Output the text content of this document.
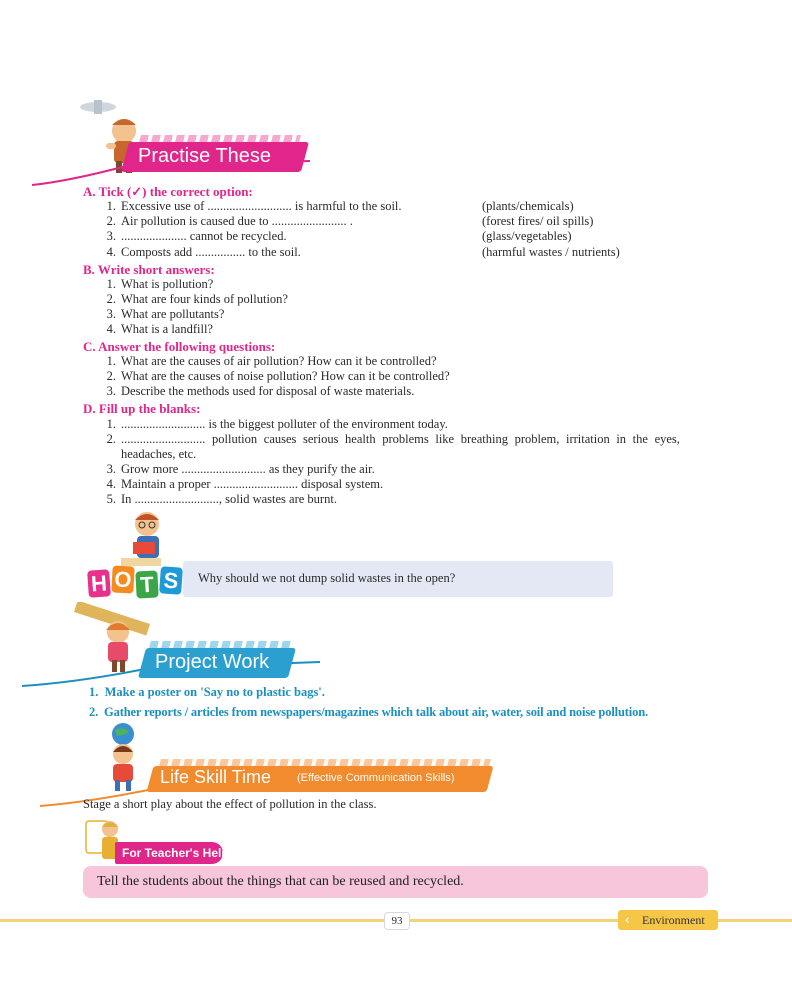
Practise These
A. Tick (✓) the correct option:
1. Excessive use of ........................... is harmful to the soil.	(plants/chemicals)
2. Air pollution is caused due to ........................ .	(forest fires/ oil spills)
3. ..................... cannot be recycled.	(glass/vegetables)
4. Composts add ................ to the soil.	(harmful wastes / nutrients)
B. Write short answers:
1. What is pollution?
2. What are four kinds of pollution?
3. What are pollutants?
4. What is a landfill?
C. Answer the following questions:
1. What are the causes of air pollution? How can it be controlled?
2. What are the causes of noise pollution? How can it be controlled?
3. Describe the methods used for disposal of waste materials.
D. Fill up the blanks:
1. ........................... is the biggest polluter of the environment today.
2. ........................... pollution causes serious health problems like breathing problem, irritation in the eyes,
headaches, etc.
3. Grow more ........................... as they purify the air.
4. Maintain a proper ........................... disposal system.
5. In ..........................., solid wastes are burnt.
H O T S Why should we not dump solid wastes in the open?
Project Work
1. Make a poster on 'Say no to plastic bags'.
2. Gather reports / articles from newspapers/magazines which talk about air, water, soil and noise pollution.
Life Skill Time (Effective Communication Skills)
Stage a short play about the effect of pollution in the class.
For Teacher's Help
Tell the students about the things that can be reused and recycled.
93	‹ Environment
